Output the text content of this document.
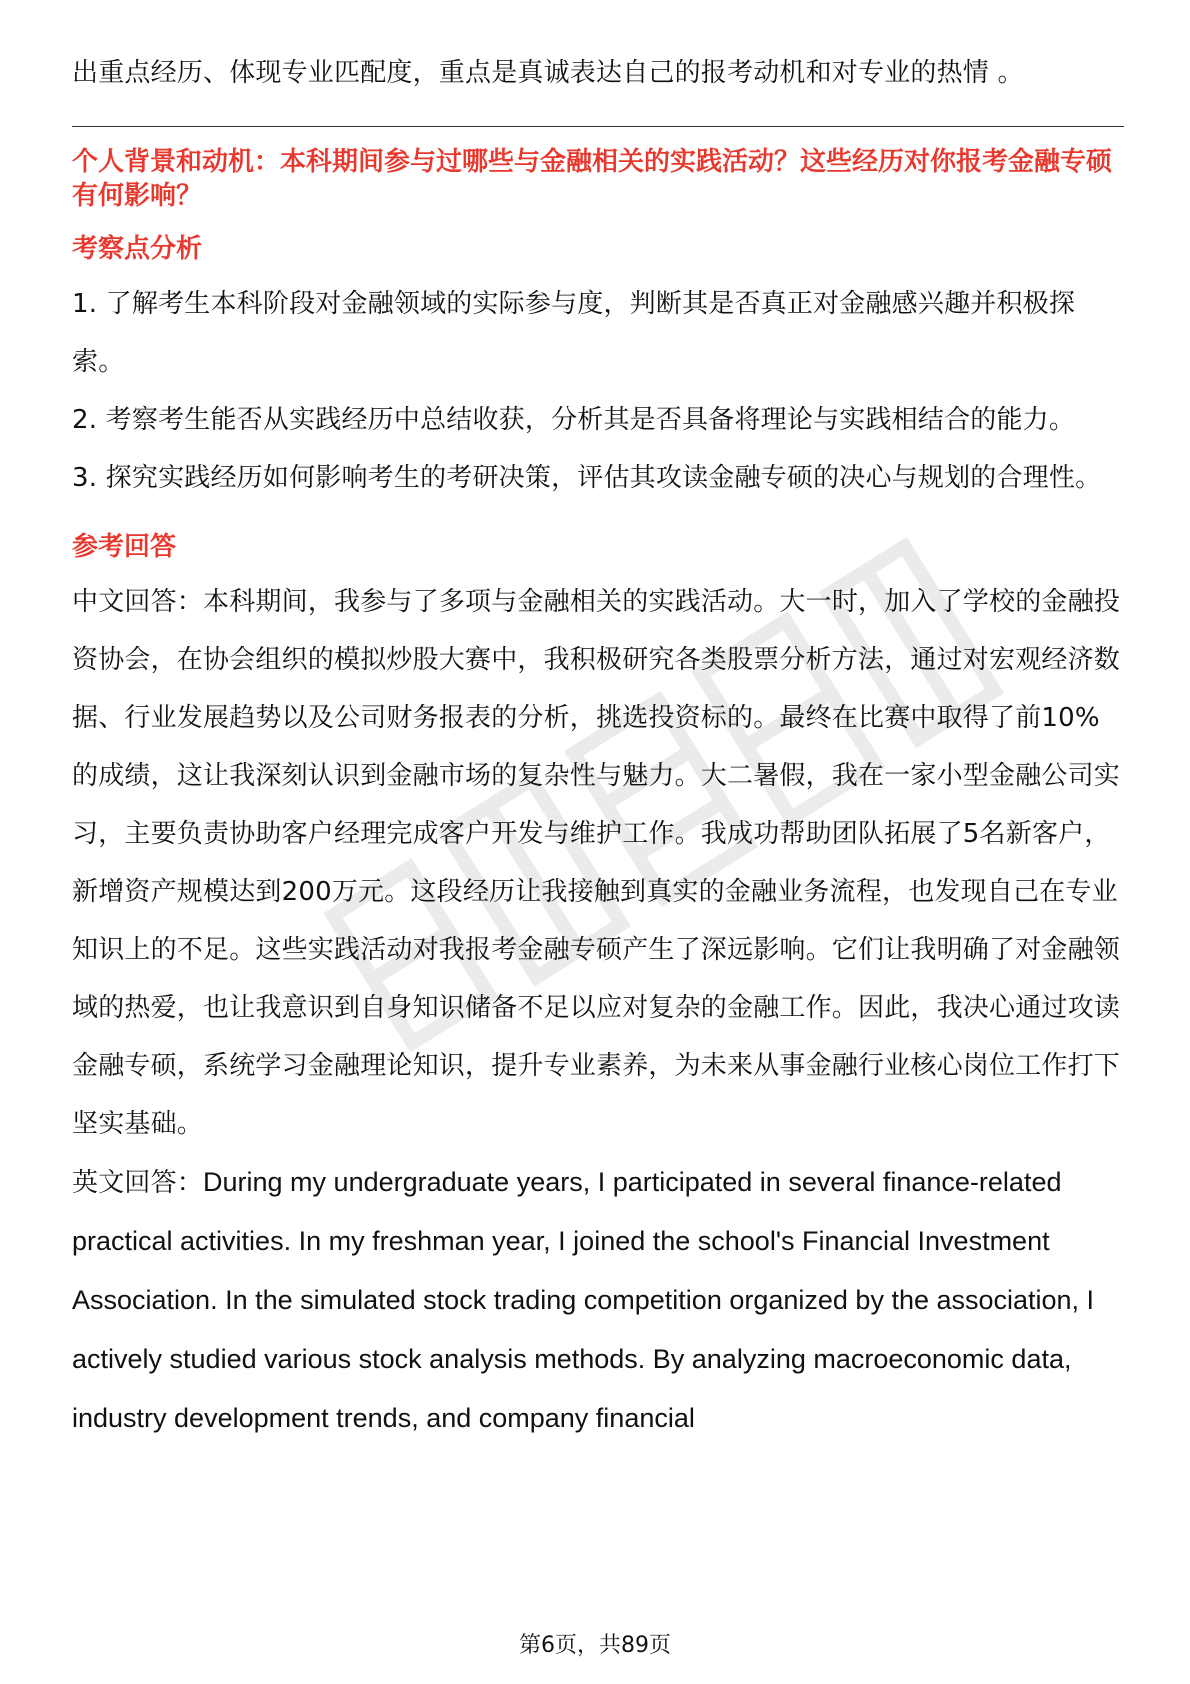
出重点经历、体现专业匹配度，重点是真诚表达自己的报考动机和对专业的热情 。

个人背景和动机：本科期间参与过哪些与金融相关的实践活动？这些经历对你报考金融专硕有何影响？

考察点分析

1. 了解考生本科阶段对金融领域的实际参与度，判断其是否真正对金融感兴趣并积极探索。

2. 考察考生能否从实践经历中总结收获，分析其是否具备将理论与实践相结合的能力。

3. 探究实践经历如何影响考生的考研决策，评估其攻读金融专硕的决心与规划的合理性。

参考回答

中文回答：本科期间，我参与了多项与金融相关的实践活动。大一时，加入了学校的金融投资协会，在协会组织的模拟炒股大赛中，我积极研究各类股票分析方法，通过对宏观经济数据、行业发展趋势以及公司财务报表的分析，挑选投资标的。最终在比赛中取得了前10%的成绩，这让我深刻认识到金融市场的复杂性与魅力。大二暑假，我在一家小型金融公司实习，主要负责协助客户经理完成客户开发与维护工作。我成功帮助团队拓展了5名新客户，新增资产规模达到200万元。这段经历让我接触到真实的金融业务流程，也发现自己在专业知识上的不足。这些实践活动对我报考金融专硕产生了深远影响。它们让我明确了对金融领域的热爱，也让我意识到自身知识储备不足以应对复杂的金融工作。因此，我决心通过攻读金融专硕，系统学习金融理论知识，提升专业素养，为未来从事金融行业核心岗位工作打下坚实基础。

英文回答：During my undergraduate years, I participated in several finance-related practical activities. In my freshman year, I joined the school's Financial Investment Association. In the simulated stock trading competition organized by the association, I actively studied various stock analysis methods. By analyzing macroeconomic data, industry development trends, and company financial

第6页，共89页
